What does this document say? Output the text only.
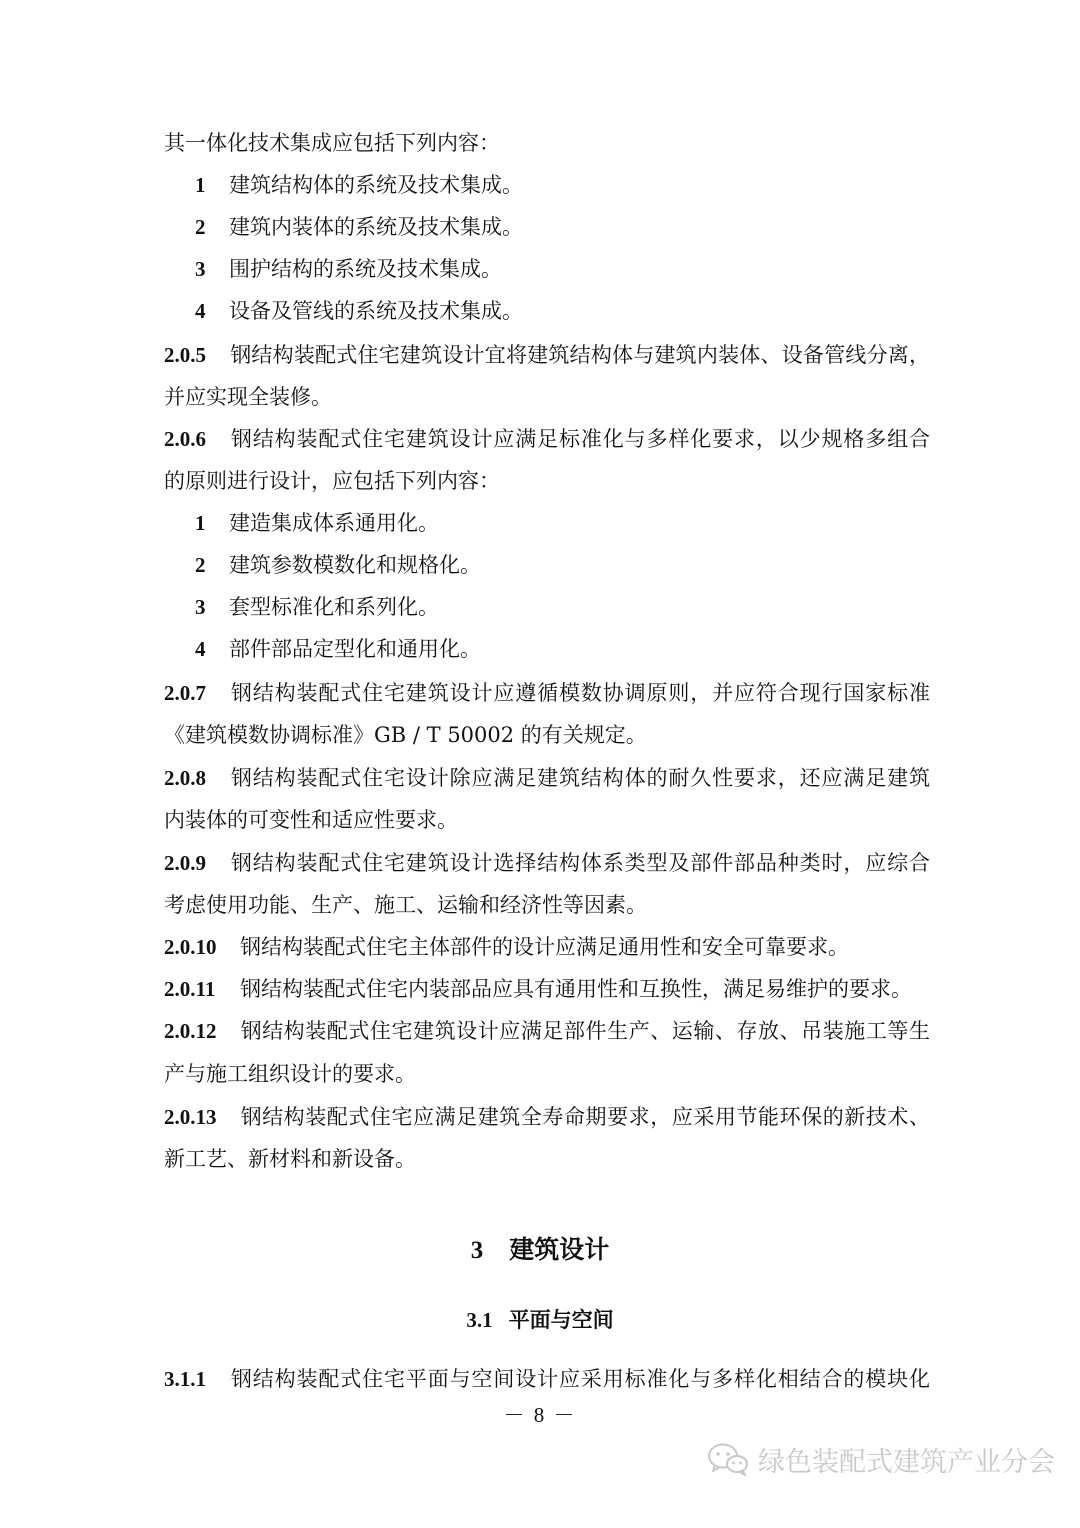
其一体化技术集成应包括下列内容：
1 建筑结构体的系统及技术集成。
2 建筑内装体的系统及技术集成。
3 围护结构的系统及技术集成。
4 设备及管线的系统及技术集成。
2.0.5 钢结构装配式住宅建筑设计宜将建筑结构体与建筑内装体、设备管线分离，
并应实现全装修。
2.0.6 钢结构装配式住宅建筑设计应满足标准化与多样化要求，以少规格多组合
的原则进行设计，应包括下列内容：
1 建造集成体系通用化。
2 建筑参数模数化和规格化。
3 套型标准化和系列化。
4 部件部品定型化和通用化。
2.0.7 钢结构装配式住宅建筑设计应遵循模数协调原则，并应符合现行国家标准
《建筑模数协调标准》GB / T 50002 的有关规定。
2.0.8 钢结构装配式住宅设计除应满足建筑结构体的耐久性要求，还应满足建筑
内装体的可变性和适应性要求。
2.0.9 钢结构装配式住宅建筑设计选择结构体系类型及部件部品种类时，应综合
考虑使用功能、生产、施工、运输和经济性等因素。
2.0.10 钢结构装配式住宅主体部件的设计应满足通用性和安全可靠要求。
2.0.11 钢结构装配式住宅内装部品应具有通用性和互换性，满足易维护的要求。
2.0.12 钢结构装配式住宅建筑设计应满足部件生产、运输、存放、吊装施工等生
产与施工组织设计的要求。
2.0.13 钢结构装配式住宅应满足建筑全寿命期要求，应采用节能环保的新技术、
新工艺、新材料和新设备。
3 建筑设计
3.1 平面与空间
3.1.1 钢结构装配式住宅平面与空间设计应采用标准化与多样化相结合的模块化
－ 8 －
绿色装配式建筑产业分会
